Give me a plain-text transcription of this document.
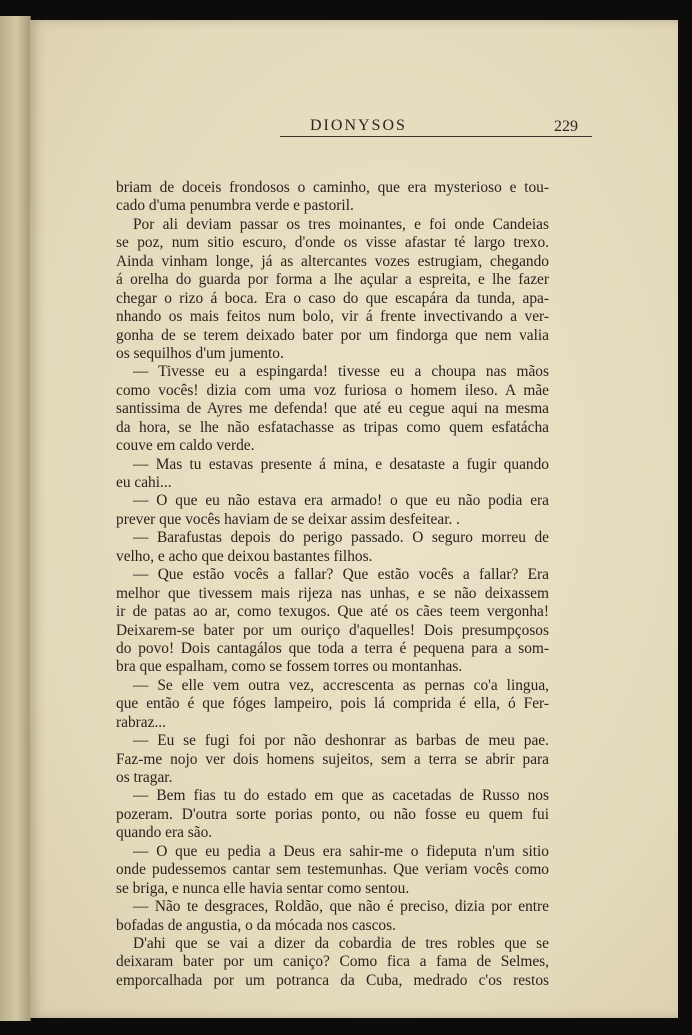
DIONYSOS	229
briam de doceis frondosos o caminho, que era mysterioso e tou-
cado d'uma penumbra verde e pastoril.
Por ali deviam passar os tres moinantes, e foi onde Candeias
se poz, num sitio escuro, d'onde os visse afastar té largo trexo.
Ainda vinham longe, já as altercantes vozes estrugiam, chegando
á orelha do guarda por forma a lhe açular a espreita, e lhe fazer
chegar o rizo á boca. Era o caso do que escapára da tunda, apa-
nhando os mais feitos num bolo, vir á frente invectivando a ver-
gonha de se terem deixado bater por um findorga que nem valia
os sequilhos d'um jumento.
— Tivesse eu a espingarda! tivesse eu a choupa nas mãos
como vocês! dizia com uma voz furiosa o homem ileso. A mãe
santissima de Ayres me defenda! que até eu cegue aqui na mesma
da hora, se lhe não esfatachasse as tripas como quem esfatácha
couve em caldo verde.
— Mas tu estavas presente á mina, e desataste a fugir quando
eu cahi...
— O que eu não estava era armado! o que eu não podia era
prever que vocês haviam de se deixar assim desfeitear. .
— Barafustas depois do perigo passado. O seguro morreu de
velho, e acho que deixou bastantes filhos.
— Que estão vocês a fallar? Que estão vocês a fallar? Era
melhor que tivessem mais rijeza nas unhas, e se não deixassem
ir de patas ao ar, como texugos. Que até os cães teem vergonha!
Deixarem-se bater por um ouriço d'aquelles! Dois presumpçosos
do povo! Dois cantagálos que toda a terra é pequena para a som-
bra que espalham, como se fossem torres ou montanhas.
— Se elle vem outra vez, accrescenta as pernas co'a lingua,
que então é que fóges lampeiro, pois lá comprida é ella, ó Fer-
rabraz...
— Eu se fugi foi por não deshonrar as barbas de meu pae.
Faz-me nojo ver dois homens sujeitos, sem a terra se abrir para
os tragar.
— Bem fias tu do estado em que as cacetadas de Russo nos
pozeram. D'outra sorte porias ponto, ou não fosse eu quem fui
quando era são.
— O que eu pedia a Deus era sahir-me o fideputa n'um sitio
onde pudessemos cantar sem testemunhas. Que veriam vocês como
se briga, e nunca elle havia sentar como sentou.
— Não te desgraces, Roldão, que não é preciso, dizia por entre
bofadas de angustia, o da mócada nos cascos.
D'ahi que se vai a dizer da cobardia de tres robles que se
deixaram bater por um caniço? Como fica a fama de Selmes,
emporcalhada por um potranca da Cuba, medrado c'os restos
